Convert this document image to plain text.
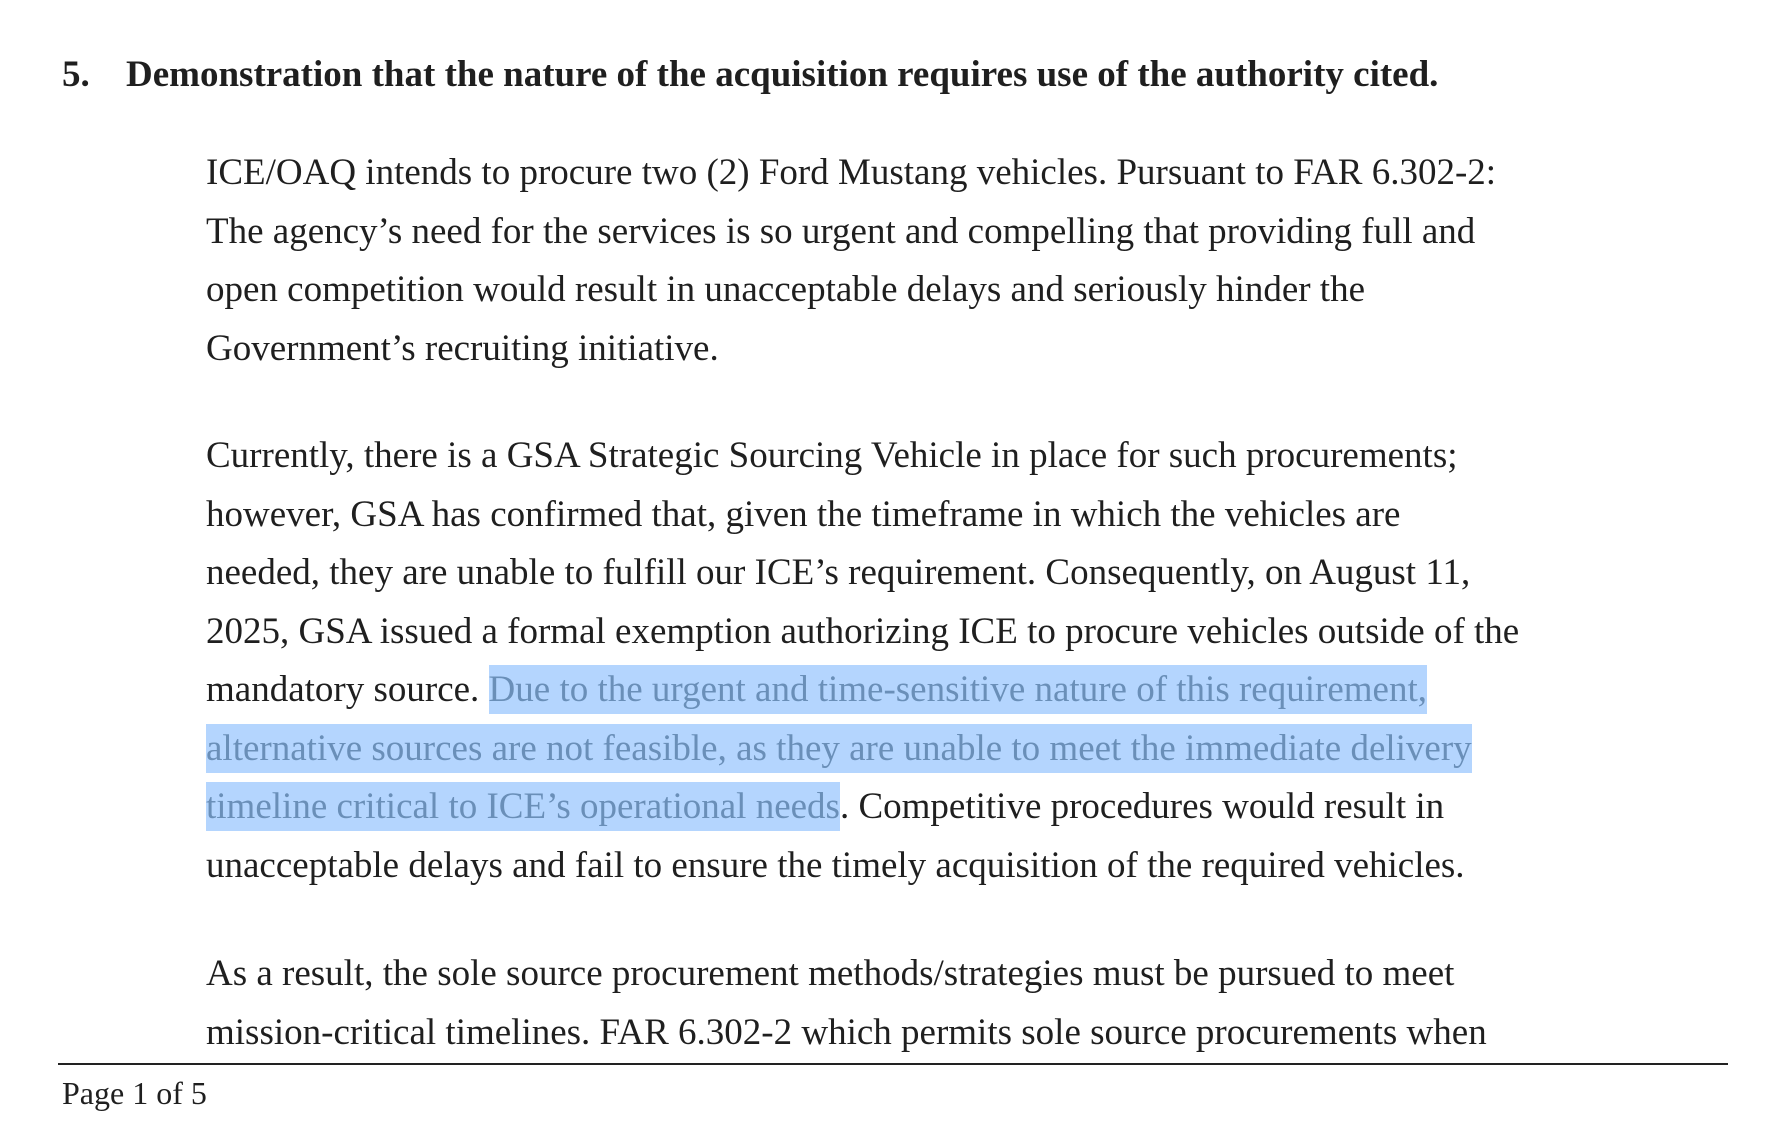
5. Demonstration that the nature of the acquisition requires use of the authority cited.
ICE/OAQ intends to procure two (2) Ford Mustang vehicles. Pursuant to FAR 6.302-2:
The agency’s need for the services is so urgent and compelling that providing full and
open competition would result in unacceptable delays and seriously hinder the
Government’s recruiting initiative.
Currently, there is a GSA Strategic Sourcing Vehicle in place for such procurements;
however, GSA has confirmed that, given the timeframe in which the vehicles are
needed, they are unable to fulfill our ICE’s requirement. Consequently, on August 11,
2025, GSA issued a formal exemption authorizing ICE to procure vehicles outside of the
mandatory source. Due to the urgent and time-sensitive nature of this requirement,
alternative sources are not feasible, as they are unable to meet the immediate delivery
timeline critical to ICE’s operational needs. Competitive procedures would result in
unacceptable delays and fail to ensure the timely acquisition of the required vehicles.
As a result, the sole source procurement methods/strategies must be pursued to meet
mission-critical timelines. FAR 6.302-2 which permits sole source procurements when
Page 1 of 5
